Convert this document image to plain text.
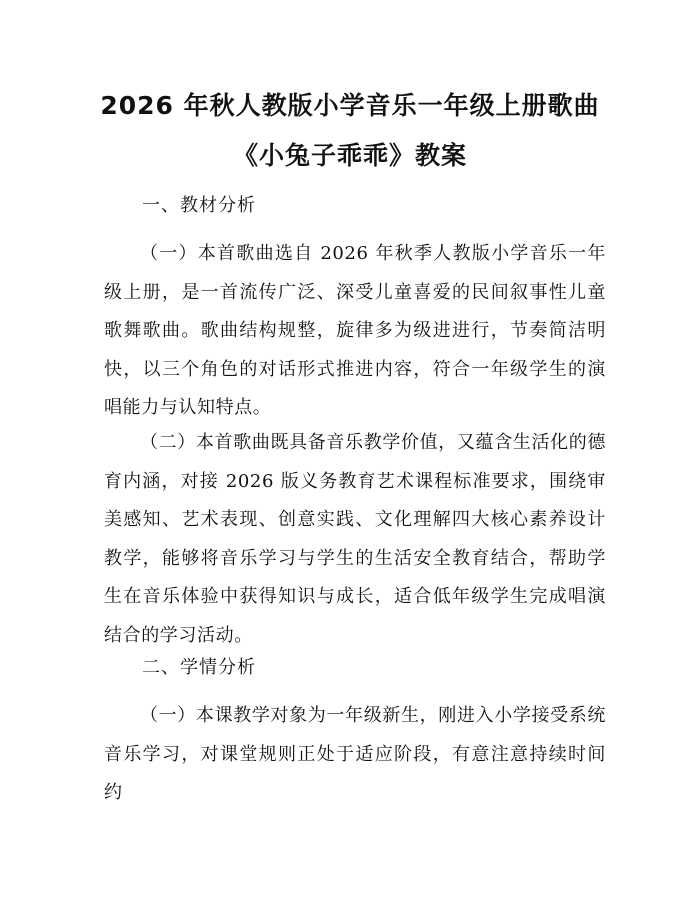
2026 年秋人教版小学音乐一年级上册歌曲
《小兔子乖乖》教案
一、教材分析
（一）本首歌曲选自 2026 年秋季人教版小学音乐一年级上册，是一首流传广泛、深受儿童喜爱的民间叙事性儿童歌舞歌曲。歌曲结构规整，旋律多为级进进行，节奏简洁明快，以三个角色的对话形式推进内容，符合一年级学生的演唱能力与认知特点。
（二）本首歌曲既具备音乐教学价值，又蕴含生活化的德育内涵，对接 2026 版义务教育艺术课程标准要求，围绕审美感知、艺术表现、创意实践、文化理解四大核心素养设计教学，能够将音乐学习与学生的生活安全教育结合，帮助学生在音乐体验中获得知识与成长，适合低年级学生完成唱演结合的学习活动。
二、学情分析
（一）本课教学对象为一年级新生，刚进入小学接受系统音乐学习，对课堂规则正处于适应阶段，有意注意持续时间约
